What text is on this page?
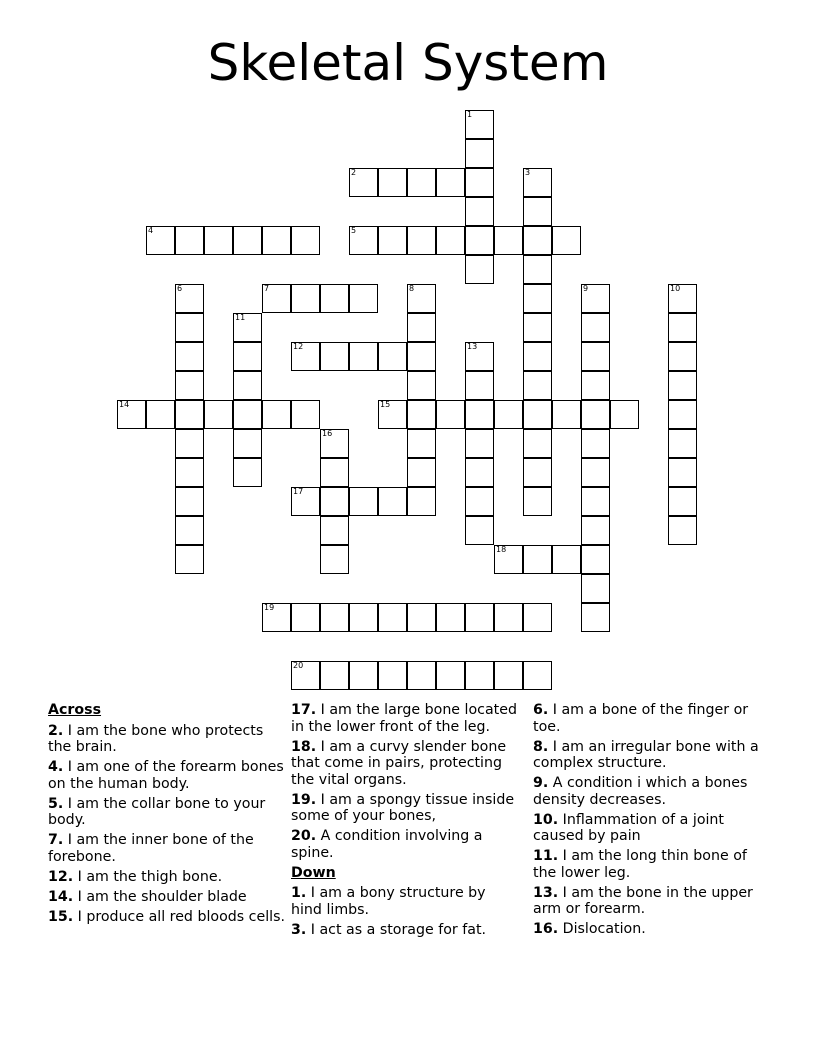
Skeletal System
1
2	3
4	5
6	7	8	9	10
11
12	13
14	15
16
17
18
19
20
Across
2. I am the bone who protects the brain.
4. I am one of the forearm bones on the human body.
5. I am the collar bone to your body.
7. I am the inner bone of the forebone.
12. I am the thigh bone.
14. I am the shoulder blade
15. I produce all red bloods cells.
17. I am the large bone located in the lower front of the leg.
18. I am a curvy slender bone that come in pairs, protecting the vital organs.
19. I am a spongy tissue inside some of your bones,
20. A condition involving a spine.
Down
1. I am a bony structure by hind limbs.
3. I act as a storage for fat.
6. I am a bone of the finger or toe.
8. I am an irregular bone with a complex structure.
9. A condition i which a bones density decreases.
10. Inflammation of a joint caused by pain
11. I am the long thin bone of the lower leg.
13. I am the bone in the upper arm or forearm.
16. Dislocation.
